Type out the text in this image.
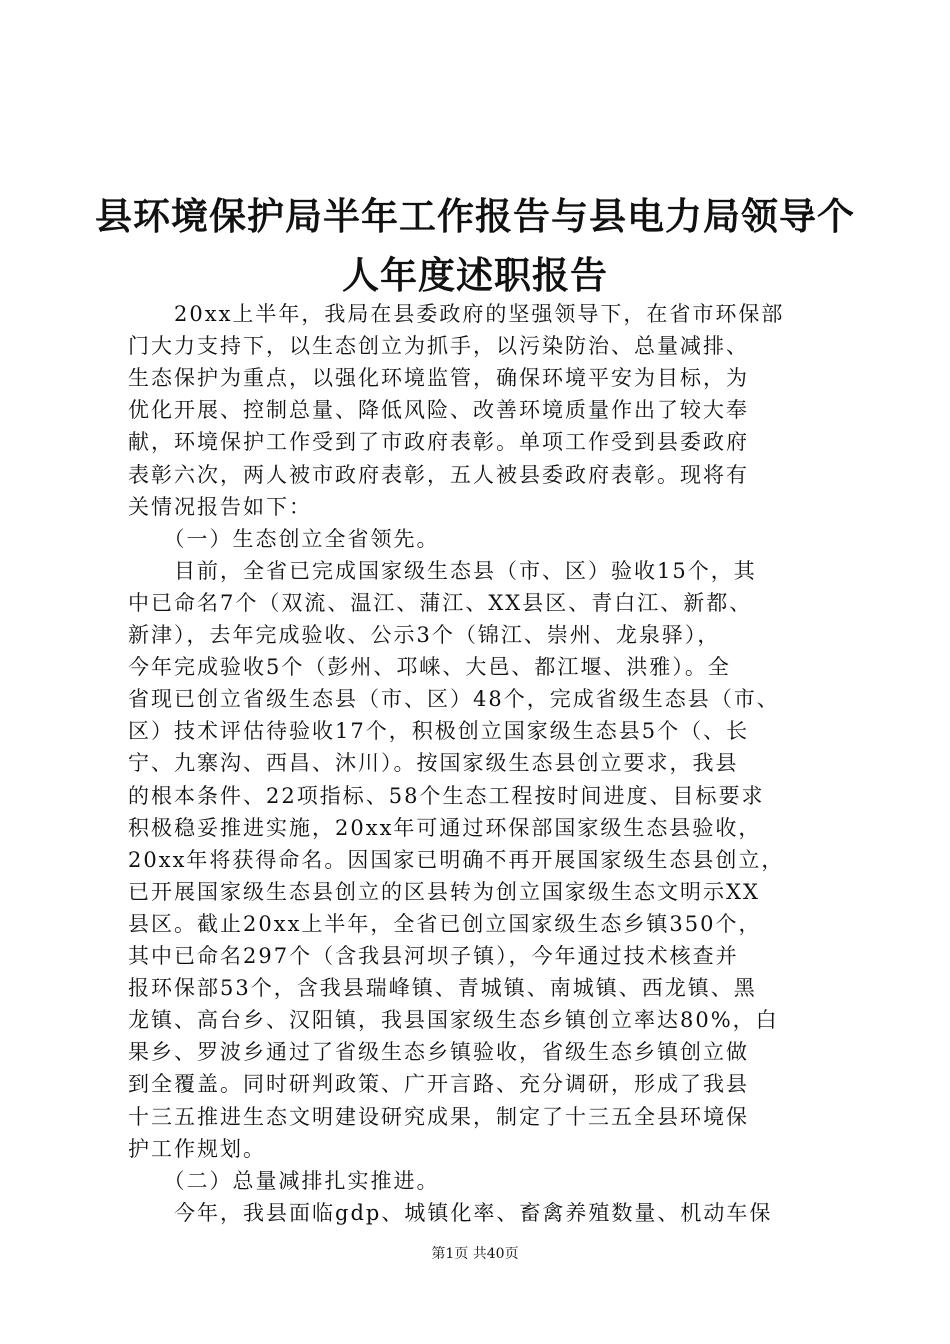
县环境保护局半年工作报告与县电力局领导个
人年度述职报告
　　20xx上半年，我局在县委政府的坚强领导下，在省市环保部
门大力支持下，以生态创立为抓手，以污染防治、总量减排、
生态保护为重点，以强化环境监管，确保环境平安为目标，为
优化开展、控制总量、降低风险、改善环境质量作出了较大奉
献，环境保护工作受到了市政府表彰。单项工作受到县委政府
表彰六次，两人被市政府表彰，五人被县委政府表彰。现将有
关情况报告如下：
　　（一）生态创立全省领先。
　　目前，全省已完成国家级生态县（市、区）验收15个，其
中已命名7个（双流、温江、蒲江、XX县区、青白江、新都、
新津），去年完成验收、公示3个（锦江、崇州、龙泉驿），
今年完成验收5个（彭州、邛崃、大邑、都江堰、洪雅）。全
省现已创立省级生态县（市、区）48个，完成省级生态县（市、
区）技术评估待验收17个，积极创立国家级生态县5个（、长
宁、九寨沟、西昌、沐川）。按国家级生态县创立要求，我县
的根本条件、22项指标、58个生态工程按时间进度、目标要求
积极稳妥推进实施，20xx年可通过环保部国家级生态县验收，
20xx年将获得命名。因国家已明确不再开展国家级生态县创立，
已开展国家级生态县创立的区县转为创立国家级生态文明示XX
县区。截止20xx上半年，全省已创立国家级生态乡镇350个，
其中已命名297个（含我县河坝子镇），今年通过技术核查并
报环保部53个，含我县瑞峰镇、青城镇、南城镇、西龙镇、黑
龙镇、高台乡、汉阳镇，我县国家级生态乡镇创立率达80%，白
果乡、罗波乡通过了省级生态乡镇验收，省级生态乡镇创立做
到全覆盖。同时研判政策、广开言路、充分调研，形成了我县
十三五推进生态文明建设研究成果，制定了十三五全县环境保
护工作规划。
　　（二）总量减排扎实推进。
　　今年，我县面临gdp、城镇化率、畜禽养殖数量、机动车保
第1页 共40页
